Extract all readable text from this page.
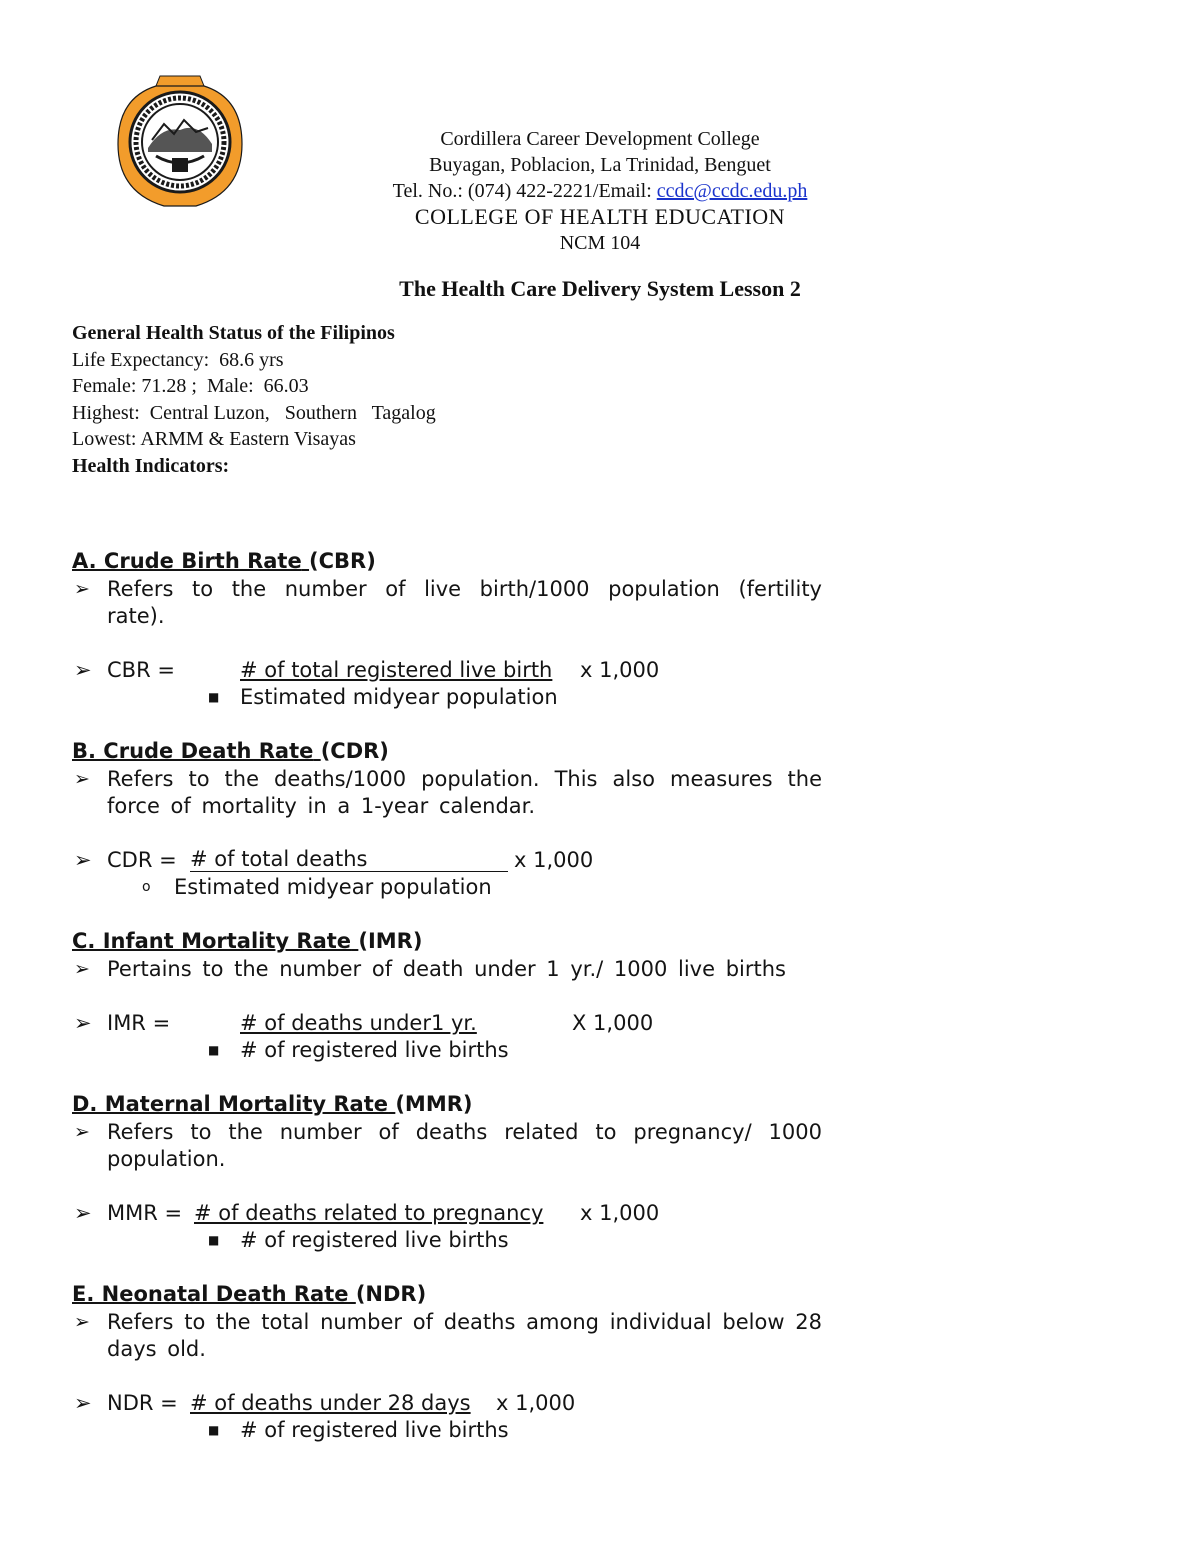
Cordillera Career Development College
Buyagan, Poblacion, La Trinidad, Benguet
Tel. No.: (074) 422-2221/Email: ccdc@ccdc.edu.ph
COLLEGE OF HEALTH EDUCATION
NCM 104
The Health Care Delivery System Lesson 2
General Health Status of the Filipinos
Life Expectancy:  68.6 yrs
Female: 71.28 ;  Male:  66.03
Highest:  Central Luzon,   Southern   Tagalog
Lowest: ARMM & Eastern Visayas
Health Indicators:
A. Crude Birth Rate (CBR)
➢ Refers to the number of live birth/1000 population (fertility rate).
➢ CBR =	# of total registered live birth x 1,000
■ Estimated midyear population
B. Crude Death Rate (CDR)
➢ Refers to the deaths/1000 population. This also measures the force of mortality in a 1-year calendar.
➢ CDR = # of total deaths	x 1,000
o Estimated midyear population
C. Infant Mortality Rate (IMR)
➢ Pertains to the number of death under 1 yr./ 1000 live births
➢ IMR =	# of deaths under1 yr.	X 1,000
■ # of registered live births
D. Maternal Mortality Rate (MMR)
➢ Refers to the number of deaths related to pregnancy/ 1000 population.
➢ MMR = # of deaths related to pregnancy x 1,000
■ # of registered live births
E. Neonatal Death Rate (NDR)
➢ Refers to the total number of deaths among individual below 28 days old.
➢ NDR = # of deaths under 28 days x 1,000
■ # of registered live births
